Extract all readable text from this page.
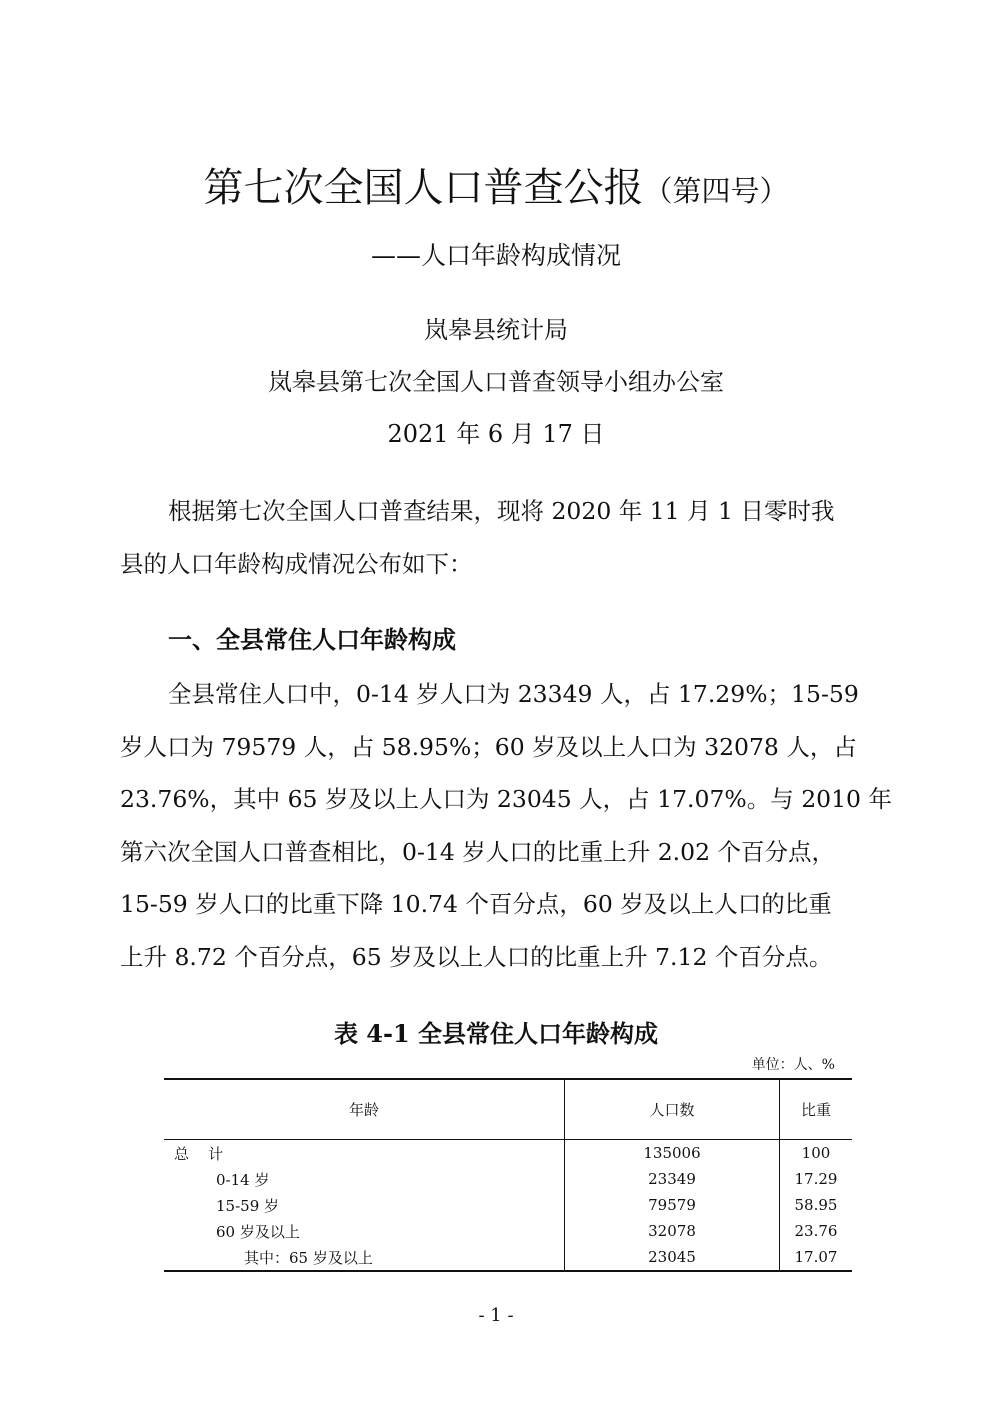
第七次全国人口普查公报（第四号）
——人口年龄构成情况
岚皋县统计局
岚皋县第七次全国人口普查领导小组办公室
2021 年 6 月 17 日
根据第七次全国人口普查结果，现将 2020 年 11 月 1 日零时我
县的人口年龄构成情况公布如下：
一、全县常住人口年龄构成
全县常住人口中，0-14 岁人口为 23349 人，占 17.29%；15-59
岁人口为 79579 人，占 58.95%；60 岁及以上人口为 32078 人，占
23.76%，其中 65 岁及以上人口为 23045 人，占 17.07%。与 2010 年
第六次全国人口普查相比，0-14 岁人口的比重上升 2.02 个百分点，
15-59 岁人口的比重下降 10.74 个百分点，60 岁及以上人口的比重
上升 8.72 个百分点，65 岁及以上人口的比重上升 7.12 个百分点。
表 4-1 全县常住人口年龄构成
单位：人、%
年龄	人口数	比重
总    计	135006	100
0-14 岁	23349	17.29
15-59 岁	79579	58.95
60 岁及以上	32078	23.76
其中：65 岁及以上	23045	17.07
- 1 -
